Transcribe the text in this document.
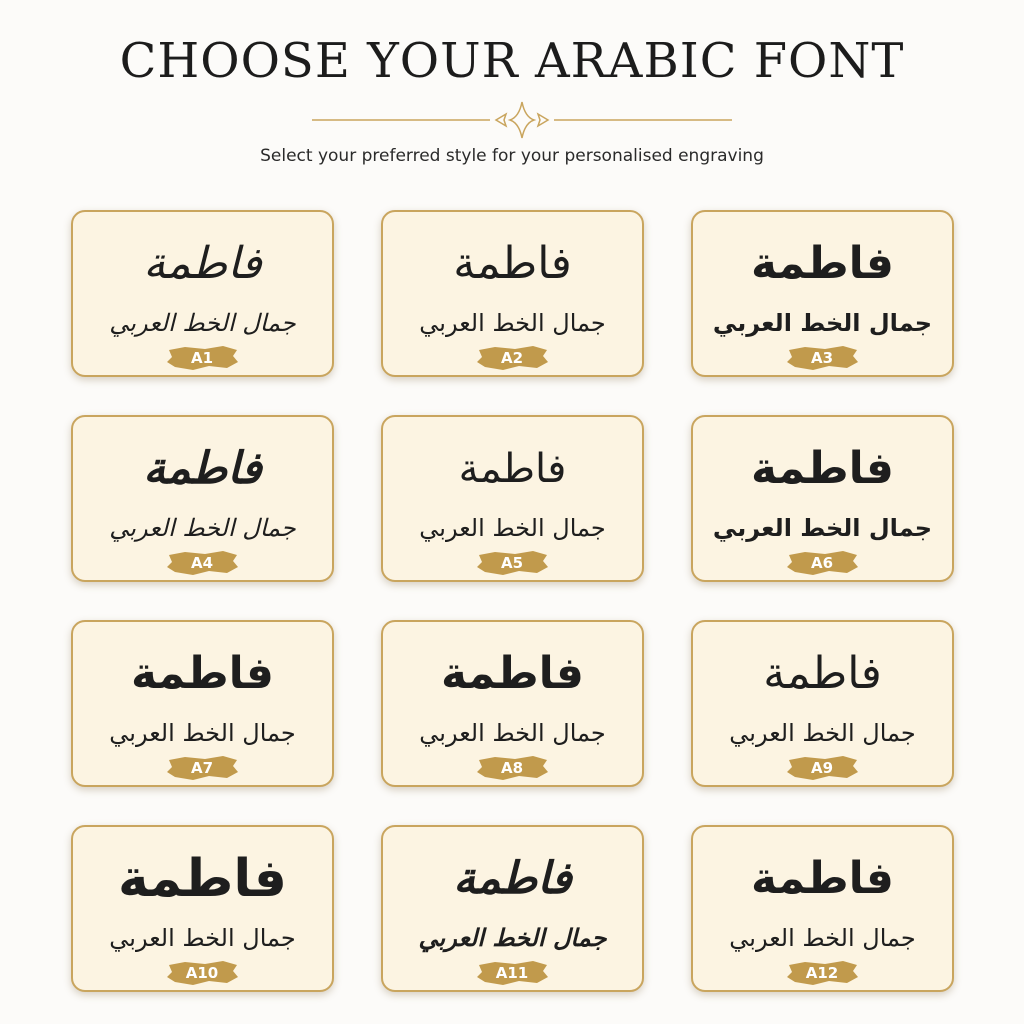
CHOOSE YOUR ARABIC FONT
Select your preferred style for your personalised engraving
فاطمة
جمال الخط العربي
A1
فاطمة
جمال الخط العربي
A2
فاطمة
جمال الخط العربي
A3
فاطمة
جمال الخط العربي
A4
فاطمة
جمال الخط العربي
A5
فاطمة
جمال الخط العربي
A6
فاطمة
جمال الخط العربي
A7
فاطمة
جمال الخط العربي
A8
فاطمة
جمال الخط العربي
A9
فاطمة
جمال الخط العربي
A10
فاطمة
جمال الخط العربي
A11
فاطمة
جمال الخط العربي
A12
